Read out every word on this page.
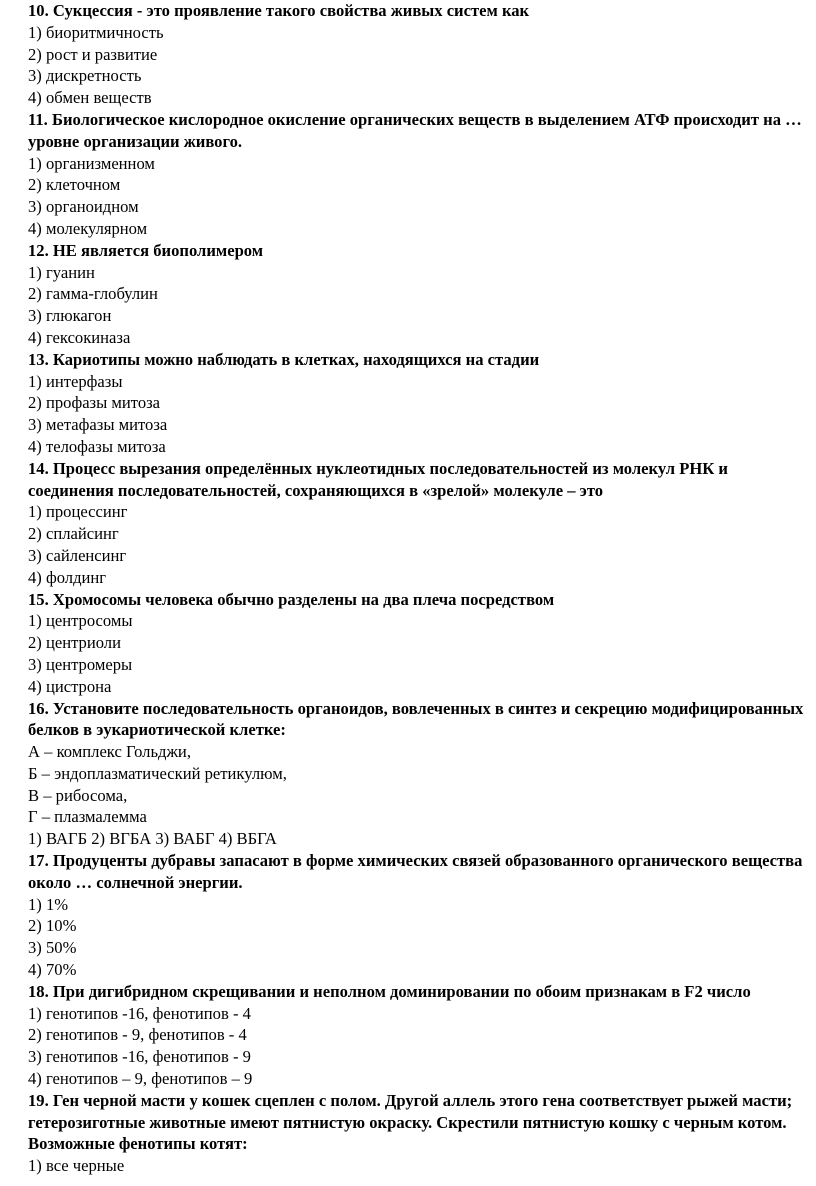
10. Сукцессия - это проявление такого свойства живых систем как
1) биоритмичность
2) рост и развитие
3) дискретность
4) обмен веществ
11. Биологическое кислородное окисление органических веществ в выделением АТФ происходит на … уровне организации живого.
1) организменном
2) клеточном
3) органоидном
4) молекулярном
12. НЕ является биополимером
1) гуанин
2) гамма-глобулин
3) глюкагон
4) гексокиназа
13. Кариотипы можно наблюдать в клетках, находящихся на стадии
1) интерфазы
2) профазы митоза
3) метафазы митоза
4) телофазы митоза
14. Процесс вырезания определённых нуклеотидных последовательностей из молекул РНК и соединения последовательностей, сохраняющихся в «зрелой» молекуле – это
1) процессинг
2) сплайсинг
3) сайленсинг
4) фолдинг
15. Хромосомы человека обычно разделены на два плеча посредством
1) центросомы
2) центриоли
3) центромеры
4) цистрона
16. Установите последовательность органоидов, вовлеченных в синтез и секрецию модифицированных белков в эукариотической клетке:
А – комплекс Гольджи,
Б – эндоплазматический ретикулюм,
В – рибосома,
Г – плазмалемма
1) ВАГБ 2) ВГБА 3) ВАБГ 4) ВБГА
17. Продуценты дубравы запасают в форме химических связей образованного органического вещества около … солнечной энергии.
1) 1%
2) 10%
3) 50%
4) 70%
18. При дигибридном скрещивании и неполном доминировании по обоим признакам в F2 число
1) генотипов -16, фенотипов - 4
2) генотипов - 9, фенотипов - 4
3) генотипов -16, фенотипов - 9
4) генотипов – 9, фенотипов – 9
19. Ген черной масти у кошек сцеплен с полом. Другой аллель этого гена соответствует рыжей масти; гетерозиготные животные имеют пятнистую окраску. Скрестили пятнистую кошку с черным котом. Возможные фенотипы котят:
1) все черные
